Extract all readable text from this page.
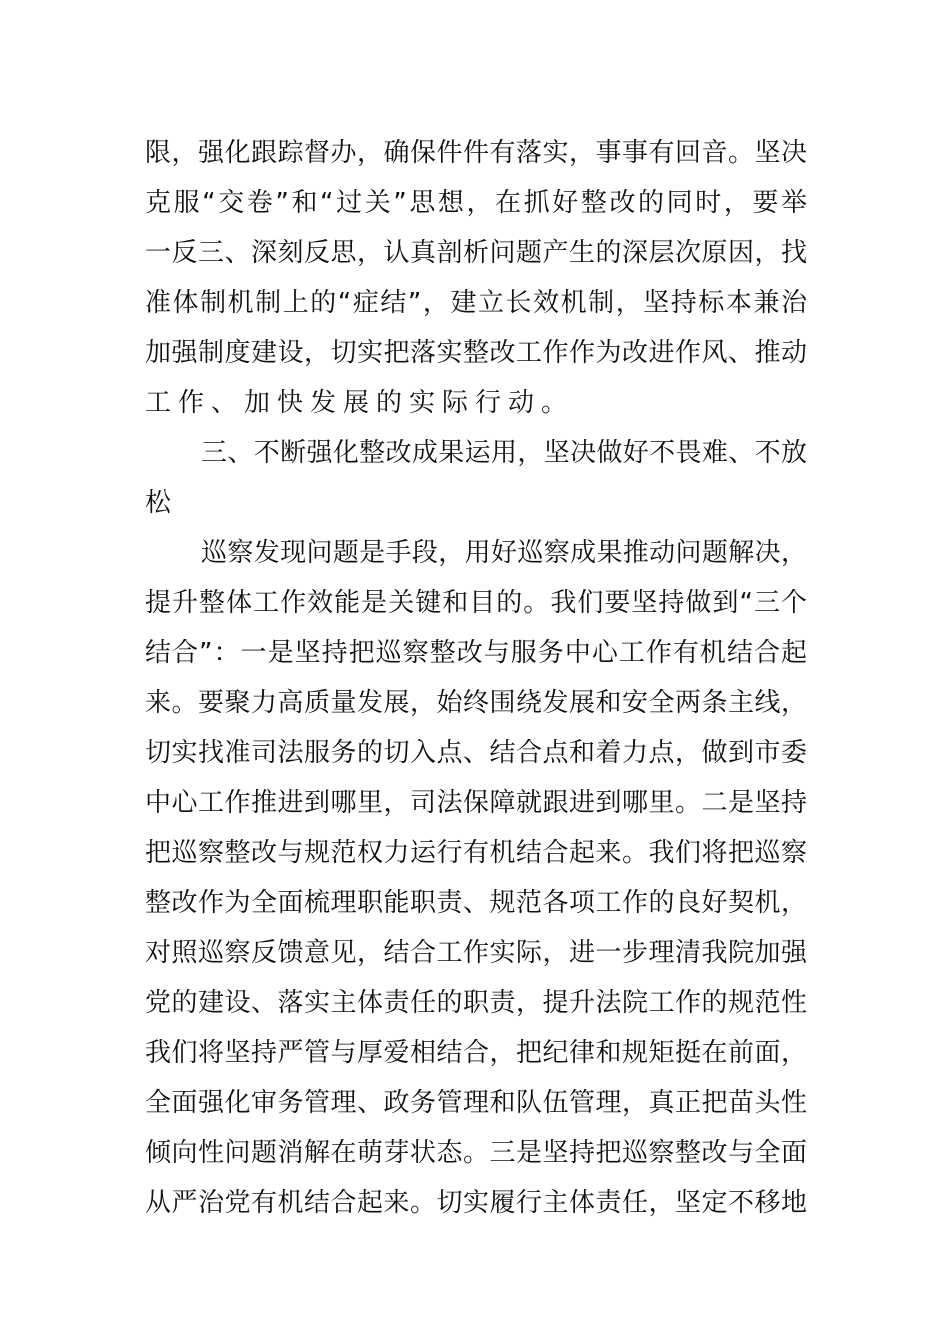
限，强化跟踪督办，确保件件有落实，事事有回音。坚决
克服“交卷”和“过关”思想，在抓好整改的同时，要举
一反三、深刻反思，认真剖析问题产生的深层次原因，找
准体制机制上的“症结”，建立长效机制，坚持标本兼治
加强制度建设，切实把落实整改工作作为改进作风、推动
工作、加快发展的实际行动。
三、不断强化整改成果运用，坚决做好不畏难、不放
松
巡察发现问题是手段，用好巡察成果推动问题解决，
提升整体工作效能是关键和目的。我们要坚持做到“三个
结合”：一是坚持把巡察整改与服务中心工作有机结合起
来。要聚力高质量发展，始终围绕发展和安全两条主线，
切实找准司法服务的切入点、结合点和着力点，做到市委
中心工作推进到哪里，司法保障就跟进到哪里。二是坚持
把巡察整改与规范权力运行有机结合起来。我们将把巡察
整改作为全面梳理职能职责、规范各项工作的良好契机，
对照巡察反馈意见，结合工作实际，进一步理清我院加强
党的建设、落实主体责任的职责，提升法院工作的规范性
我们将坚持严管与厚爱相结合，把纪律和规矩挺在前面，
全面强化审务管理、政务管理和队伍管理，真正把苗头性
倾向性问题消解在萌芽状态。三是坚持把巡察整改与全面
从严治党有机结合起来。切实履行主体责任，坚定不移地
